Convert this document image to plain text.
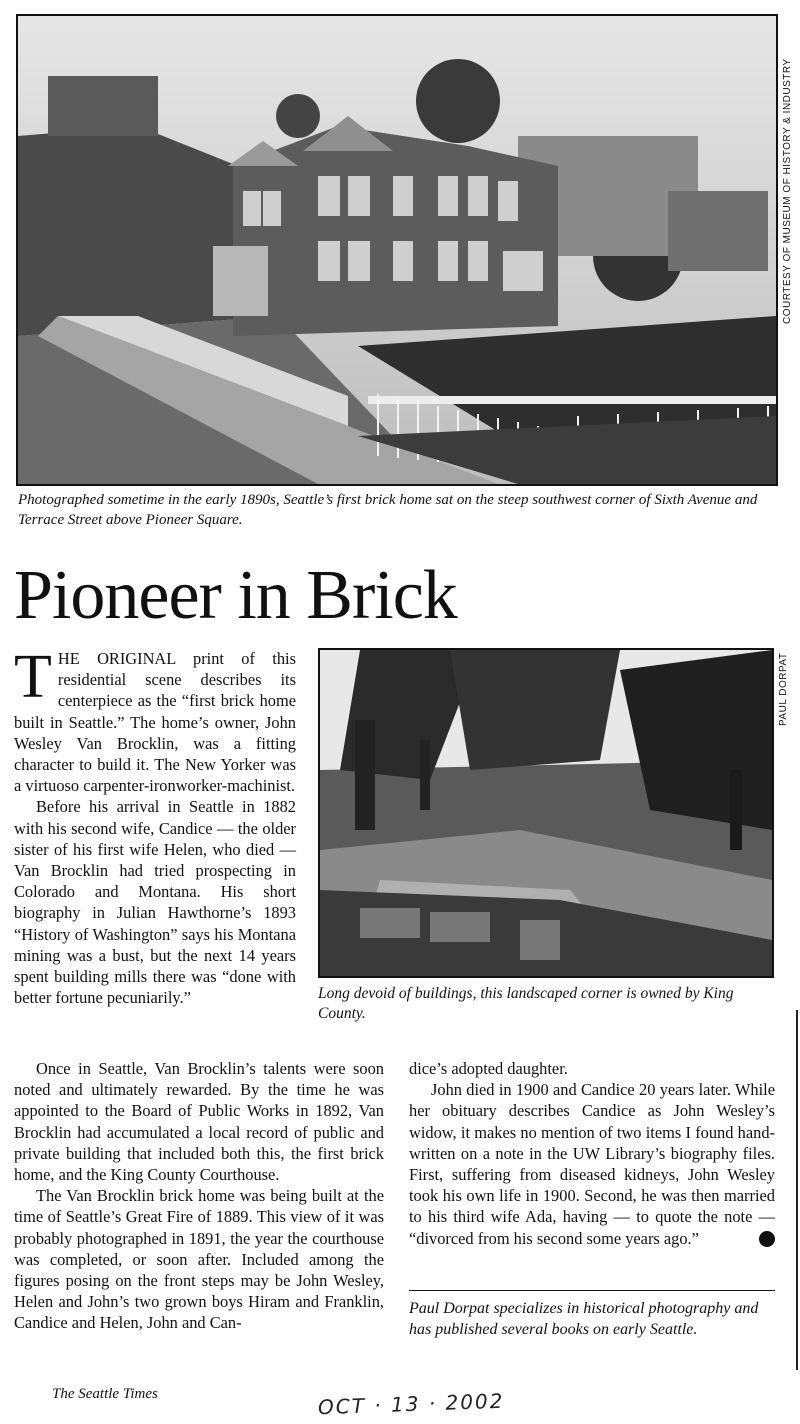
COURTESY OF MUSEUM OF HISTORY & INDUSTRY
Photographed sometime in the early 1890s, Seattle’s first brick home sat on the steep southwest corner of Sixth Avenue and Terrace Street above Pioneer Square.
Pioneer in Brick
PAUL DORPAT
Long devoid of buildings, this landscaped corner is owned by King County.

THE ORIGINAL print of this residential scene describes its centerpiece as the “first brick home built in Seattle.” The home’s owner, John Wesley Van Brocklin, was a fitting character to build it. The New Yorker was a virtuoso carpenter-ironworker-machinist.

Before his arrival in Seattle in 1882 with his second wife, Candice — the older sister of his first wife Helen, who died — Van Brocklin had tried prospecting in Colorado and Montana. His short biography in Julian Hawthorne’s 1893 “History of Washington” says his Montana mining was a bust, but the next 14 years spent building mills there was “done with better fortune pecuniarily.”

Once in Seattle, Van Brocklin’s talents were soon noted and ultimately rewarded. By the time he was appointed to the Board of Public Works in 1892, Van Brocklin had accumulated a local record of public and private building that included both this, the first brick home, and the King County Courthouse.

The Van Brocklin brick home was being built at the time of Seattle’s Great Fire of 1889. This view of it was probably photographed in 1891, the year the courthouse was completed, or soon after. Included among the figures posing on the front steps may be John Wesley, Helen and John’s two grown boys Hiram and Franklin, Candice and Helen, John and Can-

dice’s adopted daughter.

John died in 1900 and Candice 20 years later. While her obituary describes Candice as John Wesley’s widow, it makes no mention of two items I found hand-written on a note in the UW Library’s biography files. First, suffering from diseased kidneys, John Wesley took his own life in 1900. Second, he was then married to his third wife Ada, having — to quote the note — “divorced from his second some years ago.”	P

Paul Dorpat specializes in historical photography and has published several books on early Seattle.
The Seattle Times	OCT · 13 · 2002
